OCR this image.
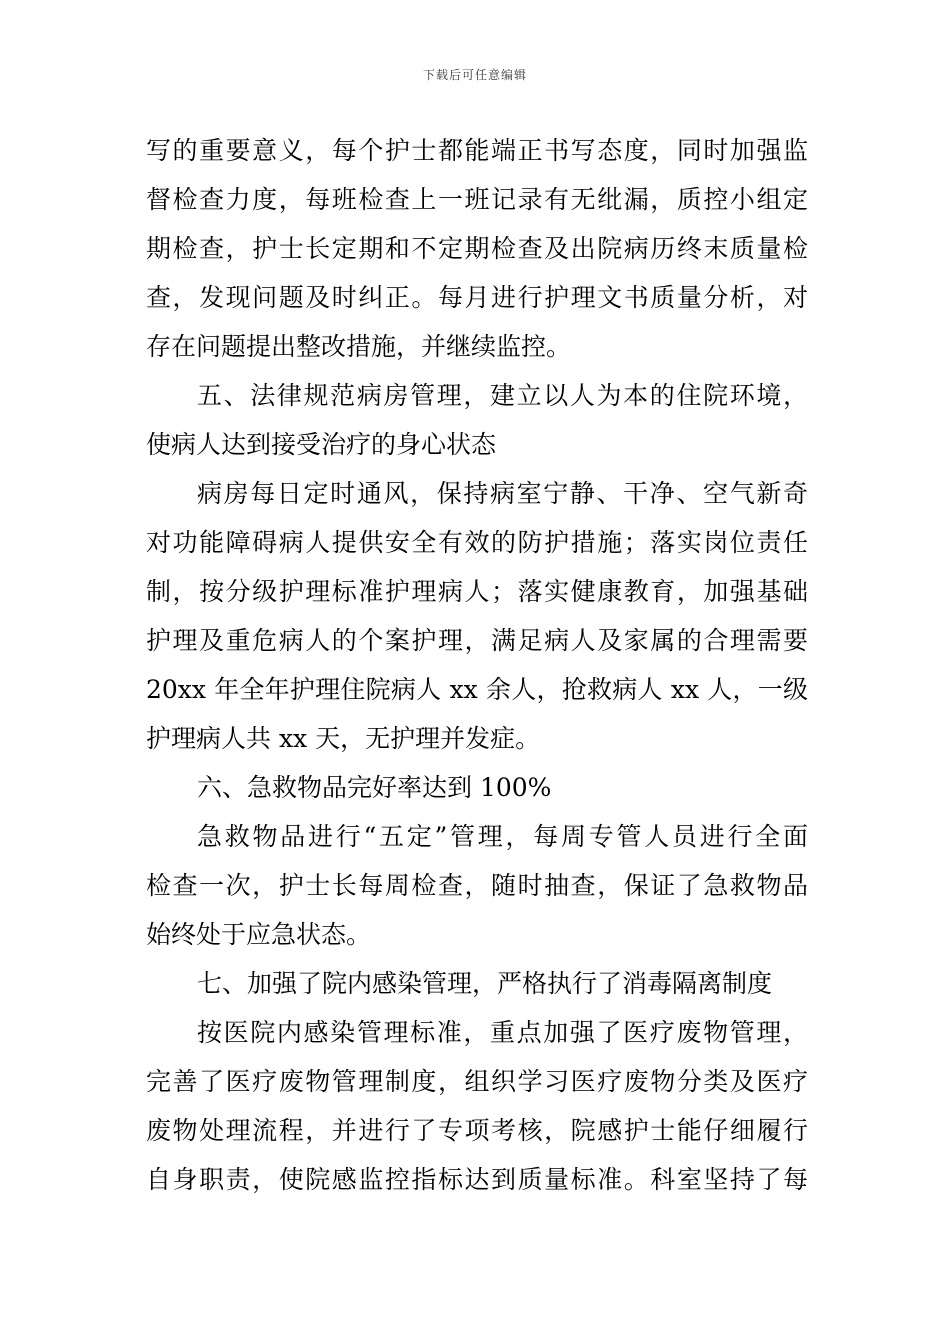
下载后可任意编辑
写的重要意义，每个护士都能端正书写态度，同时加强监
督检查力度，每班检查上一班记录有无纰漏，质控小组定
期检查，护士长定期和不定期检查及出院病历终末质量检
查，发现问题及时纠正。每月进行护理文书质量分析，对
存在问题提出整改措施，并继续监控。
五、法律规范病房管理，建立以人为本的住院环境，
使病人达到接受治疗的身心状态
病房每日定时通风，保持病室宁静、干净、空气新奇
对功能障碍病人提供安全有效的防护措施；落实岗位责任
制，按分级护理标准护理病人；落实健康教育，加强基础
护理及重危病人的个案护理，满足病人及家属的合理需要
20xx 年全年护理住院病人 xx 余人，抢救病人 xx 人，一级
护理病人共 xx 天，无护理并发症。
六、急救物品完好率达到 100%
急救物品进行“五定”管理，每周专管人员进行全面
检查一次，护士长每周检查，随时抽查，保证了急救物品
始终处于应急状态。
七、加强了院内感染管理，严格执行了消毒隔离制度
按医院内感染管理标准，重点加强了医疗废物管理，
完善了医疗废物管理制度，组织学习医疗废物分类及医疗
废物处理流程，并进行了专项考核，院感护士能仔细履行
自身职责，使院感监控指标达到质量标准。科室坚持了每
